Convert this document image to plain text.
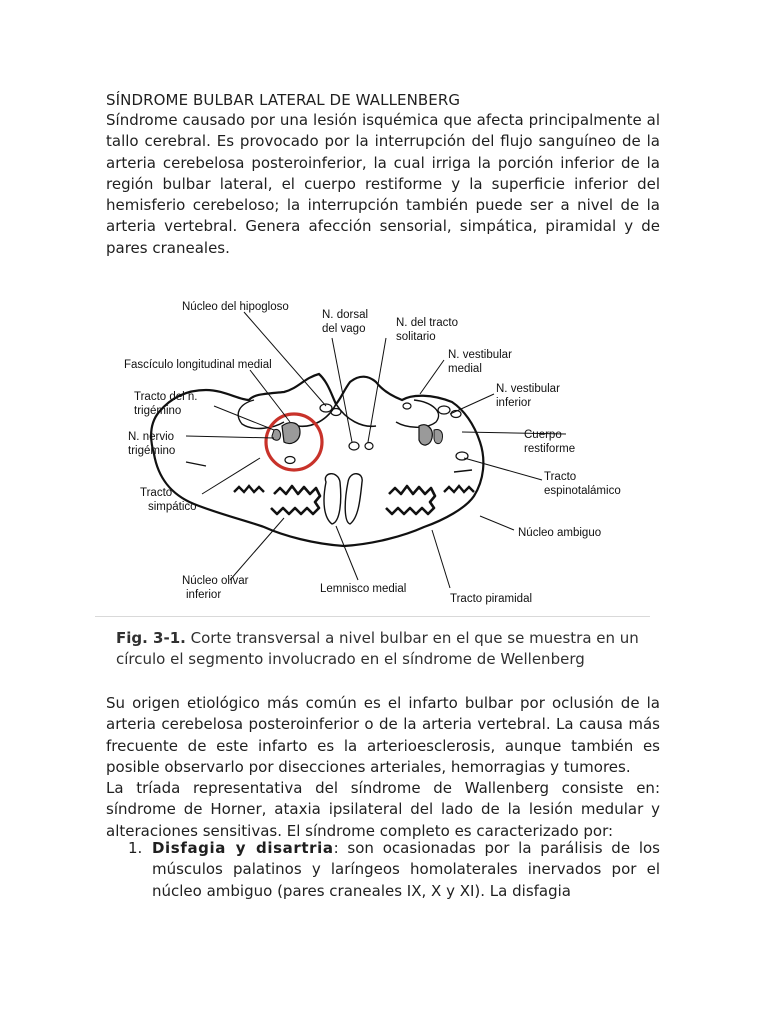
SÍNDROME BULBAR LATERAL DE WALLENBERG

Síndrome causado por una lesión isquémica que afecta principalmente al tallo cerebral. Es provocado por la interrupción del flujo sanguíneo de la arteria cerebelosa posteroinferior, la cual irriga la porción inferior de la región bulbar lateral, el cuerpo restiforme y la superficie inferior del hemisferio cerebeloso; la interrupción también puede ser a nivel de la arteria vertebral. Genera afección sensorial, simpática, piramidal y de pares craneales.

Núcleo del hipogloso
N. dorsal
del vago	N. del tracto
solitario
Fascículo longitudinal medial
N. vestibular
medial
N. vestibular
inferior
Tracto del n.
trigémino
N. nervio
trigémino
Cuerpo
restiforme
Tracto
espinotalámico
Tracto
simpático
Núcleo ambiguo
Núcleo olivar
inferior	Lemnisco medial
Tracto piramidal
Fig. 3-1. Corte transversal a nivel bulbar en el que se muestra en un círculo el segmento involucrado en el síndrome de Wellenberg

Su origen etiológico más común es el infarto bulbar por oclusión de la arteria cerebelosa posteroinferior o de la arteria vertebral. La causa más frecuente de este infarto es la arterioesclerosis, aunque también es posible observarlo por disecciones arteriales, hemorragias y tumores.

La tríada representativa del síndrome de Wallenberg consiste en: síndrome de Horner, ataxia ipsilateral del lado de la lesión medular y alteraciones sensitivas. El síndrome completo es caracterizado por:

1. Disfagia y disartria: son ocasionadas por la parálisis de los músculos palatinos y laríngeos homolaterales inervados por el núcleo ambiguo (pares craneales IX, X y XI). La disfagia
